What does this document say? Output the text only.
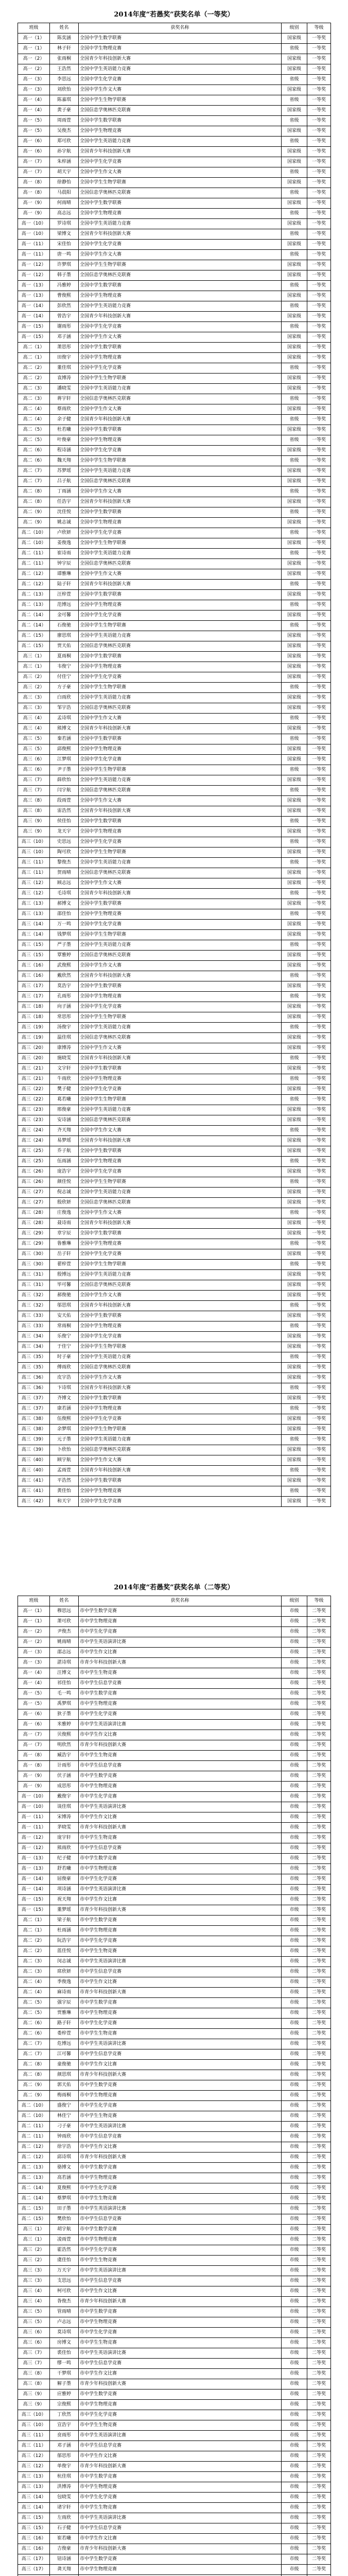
2014年度“若愚奖”获奖名单（一等奖）
班级	姓名	获奖名称	级别	等级
高一（1）	陈奕涵	全国中学生数学联赛	国家级	一等奖
高一（1）	林子轩	全国中学生物理竞赛	省级	一等奖
高一（2）	张雨桐	全国青少年科技创新大赛	国家级	一等奖
高一（2）	王浩然	全国中学生英语能力竞赛	国家级	一等奖
高一（3）	李思远	全国中学生化学竞赛	省级	一等奖
高一（3）	刘欣怡	全国中学生作文大赛	国家级	一等奖
高一（4）	陈嘉琪	全国中学生生物学联赛	省级	一等奖
高一（4）	黄子豪	全国信息学奥林匹克联赛	国家级	一等奖
高一（5）	周雨萱	全国中学生数学联赛	省级	一等奖
高一（5）	吴俊杰	全国中学生物理竞赛	国家级	一等奖
高一（6）	郑可欣	全国中学生英语能力竞赛	省级	一等奖
高一（6）	孙宇航	全国青少年科技创新大赛	国家级	一等奖
高一（7）	朱梓涵	全国中学生化学竞赛	国家级	一等奖
高一（7）	胡天宇	全国中学生作文大赛	省级	一等奖
高一（8）	徐静怡	全国中学生生物学联赛	国家级	一等奖
高一（8）	马晨阳	全国信息学奥林匹克联赛	省级	一等奖
高一（9）	何雨晴	全国中学生数学联赛	国家级	一等奖
高一（9）	高志远	全国中学生物理竞赛	省级	一等奖
高一（10）	罗诗琪	全国中学生英语能力竞赛	国家级	一等奖
高一（10）	梁博文	全国青少年科技创新大赛	省级	一等奖
高一（11）	宋佳怡	全国中学生化学竞赛	国家级	一等奖
高一（11）	唐一鸣	全国中学生作文大赛	省级	一等奖
高一（12）	许梦琪	全国中学生生物学联赛	国家级	一等奖
高一（12）	韩子墨	全国信息学奥林匹克联赛	国家级	一等奖
高一（13）	冯雅婷	全国中学生数学联赛	省级	一等奖
高一（13）	曹俊熙	全国中学生物理竞赛	国家级	一等奖
高一（14）	彭欣然	全国中学生英语能力竞赛	省级	一等奖
高一（14）	曾浩宇	全国青少年科技创新大赛	国家级	一等奖
高一（15）	谢雨彤	全国中学生化学竞赛	省级	一等奖
高一（15）	邓子涵	全国中学生作文大赛	国家级	一等奖
高二（1）	萧思彤	全国中学生数学联赛	国家级	一等奖
高二（1）	田俊宇	全国中学生物理竞赛	国家级	一等奖
高二（2）	董佳琪	全国中学生化学竞赛	省级	一等奖
高二（2）	袁博涛	全国中学生生物学联赛	国家级	一等奖
高二（3）	潘晓雯	全国中学生英语能力竞赛	国家级	一等奖
高二（3）	蒋宇轩	全国信息学奥林匹克联赛	省级	一等奖
高二（4）	蔡雨欣	全国中学生作文大赛	国家级	一等奖
高二（4）	余子健	全国青少年科技创新大赛	省级	一等奖
高二（5）	杜若曦	全国中学生数学联赛	国家级	一等奖
高二（5）	叶俊豪	全国中学生物理竞赛	省级	一等奖
高二（6）	程诗涵	全国中学生化学竞赛	国家级	一等奖
高二（6）	魏天翔	全国中学生生物学联赛	省级	一等奖
高二（7）	苏梦瑶	全国中学生英语能力竞赛	国家级	一等奖
高二（7）	吕子航	全国信息学奥林匹克联赛	国家级	一等奖
高二（8）	丁雨涵	全国中学生作文大赛	省级	一等奖
高二（8）	任浩宇	全国青少年科技创新大赛	国家级	一等奖
高二（9）	沈佳悦	全国中学生数学联赛	省级	一等奖
高二（9）	姚志诚	全国中学生物理竞赛	国家级	一等奖
高二（10）	卢欣妍	全国中学生化学竞赛	省级	一等奖
高二（10）	姜俊逸	全国中学生生物学联赛	国家级	一等奖
高二（11）	崔诗雨	全国中学生英语能力竞赛	省级	一等奖
高二（11）	钟宇辰	全国信息学奥林匹克联赛	国家级	一等奖
高二（12）	谭雅琳	全国中学生作文大赛	国家级	一等奖
高二（12）	陆子轩	全国青少年科技创新大赛	省级	一等奖
高二（13）	汪梓萱	全国中学生数学联赛	国家级	一等奖
高二（13）	范博远	全国中学生物理竞赛	省级	一等奖
高二（14）	金可馨	全国中学生化学竞赛	国家级	一等奖
高二（14）	石俊驰	全国中学生生物学联赛	省级	一等奖
高二（15）	廖思琪	全国中学生英语能力竞赛	国家级	一等奖
高二（15）	贾天佑	全国信息学奥林匹克联赛	国家级	一等奖
高三（1）	夏雨桐	全国中学生数学联赛	国家级	一等奖
高三（1）	韦俊宁	全国中学生物理竞赛	国家级	一等奖
高三（2）	付佳宁	全国中学生化学竞赛	国家级	一等奖
高三（2）	方子豪	全国中学生生物学联赛	省级	一等奖
高三（3）	白雨欣	全国中学生英语能力竞赛	国家级	一等奖
高三（3）	邹宇浩	全国信息学奥林匹克联赛	国家级	一等奖
高三（4）	孟诗琪	全国中学生作文大赛	省级	一等奖
高三（4）	熊博文	全国青少年科技创新大赛	国家级	一等奖
高三（5）	秦若涵	全国中学生数学联赛	省级	一等奖
高三（5）	邱俊熙	全国中学生物理竞赛	国家级	一等奖
高三（6）	江梦琪	全国中学生化学竞赛	国家级	一等奖
高三（6）	尹子墨	全国中学生生物学联赛	省级	一等奖
高三（7）	薛欣怡	全国中学生英语能力竞赛	国家级	一等奖
高三（7）	闫宇航	全国信息学奥林匹克联赛	省级	一等奖
高三（8）	段雨萱	全国中学生作文大赛	国家级	一等奖
高三（8）	雷浩然	全国青少年科技创新大赛	国家级	一等奖
高三（9）	侯佳怡	全国中学生数学联赛	省级	一等奖
高三（9）	龙天宇	全国中学生物理竞赛	国家级	一等奖
高三（10）	史思远	全国中学生化学竞赛	省级	一等奖
高三（10）	陶可欣	全国中学生生物学联赛	国家级	一等奖
高三（11）	黎俊杰	全国中学生英语能力竞赛	省级	一等奖
高三（11）	贺雨晴	全国信息学奥林匹克联赛	国家级	一等奖
高三（12）	顾志远	全国中学生作文大赛	国家级	一等奖
高三（12）	毛诗琪	全国青少年科技创新大赛	省级	一等奖
高三（13）	郝博文	全国中学生数学联赛	国家级	一等奖
高三（13）	邵佳怡	全国中学生物理竞赛	省级	一等奖
高三（14）	万一鸣	全国中学生化学竞赛	国家级	一等奖
高三（14）	钱梦琪	全国中学生生物学联赛	国家级	一等奖
高三（15）	严子墨	全国中学生英语能力竞赛	省级	一等奖
高三（15）	覃雅婷	全国信息学奥林匹克联赛	国家级	一等奖
高三（16）	武俊熙	全国中学生作文大赛	国家级	一等奖
高三（16）	戴欣然	全国青少年科技创新大赛	省级	一等奖
高三（17）	莫浩宇	全国中学生数学联赛	国家级	一等奖
高三（17）	孔雨彤	全国中学生物理竞赛	省级	一等奖
高三（18）	向子涵	全国中学生化学竞赛	国家级	一等奖
高三（18）	常思彤	全国中学生生物学联赛	国家级	一等奖
高三（19）	汤俊宇	全国中学生英语能力竞赛	省级	一等奖
高三（19）	温佳琪	全国信息学奥林匹克联赛	国家级	一等奖
高三（20）	康博涛	全国中学生作文大赛	国家级	一等奖
高三（20）	施晓雯	全国青少年科技创新大赛	省级	一等奖
高三（21）	文宇轩	全国中学生数学联赛	国家级	一等奖
高三（21）	牛雨欣	全国中学生物理竞赛	省级	一等奖
高三（22）	樊子健	全国中学生化学竞赛	国家级	一等奖
高三（22）	葛若曦	全国中学生生物学联赛	省级	一等奖
高三（23）	邢俊豪	全国中学生英语能力竞赛	国家级	一等奖
高三（23）	安诗涵	全国信息学奥林匹克联赛	国家级	一等奖
高三（24）	齐天翔	全国中学生作文大赛	省级	一等奖
高三（24）	易梦瑶	全国青少年科技创新大赛	国家级	一等奖
高三（25）	乔子航	全国中学生数学联赛	国家级	一等奖
高三（25）	伍雨涵	全国中学生物理竞赛	省级	一等奖
高三（26）	庞浩宇	全国中学生化学竞赛	国家级	一等奖
高三（26）	颜佳悦	全国中学生生物学联赛	省级	一等奖
高三（27）	倪志诚	全国中学生英语能力竞赛	国家级	一等奖
高三（27）	殷欣妍	全国信息学奥林匹克联赛	国家级	一等奖
高三（28）	庄俊逸	全国中学生作文大赛	省级	一等奖
高三（28）	聂诗雨	全国青少年科技创新大赛	国家级	一等奖
高三（29）	章宇辰	全国中学生数学联赛	国家级	一等奖
高三（29）	鲁雅琳	全国中学生物理竞赛	省级	一等奖
高三（30）	岳子轩	全国中学生化学竞赛	国家级	一等奖
高三（30）	翟梓萱	全国中学生生物学联赛	省级	一等奖
高三（31）	殷博远	全国中学生英语能力竞赛	国家级	一等奖
高三（31）	毕可馨	全国信息学奥林匹克联赛	国家级	一等奖
高三（32）	郝俊驰	全国中学生作文大赛	国家级	一等奖
高三（32）	邬思琪	全国青少年科技创新大赛	省级	一等奖
高三（33）	安天佑	全国中学生数学联赛	国家级	一等奖
高三（33）	常雨桐	全国中学生物理竞赛	省级	一等奖
高三（34）	乐俊宁	全国中学生化学竞赛	国家级	一等奖
高三（34）	于佳宁	全国中学生生物学联赛	国家级	一等奖
高三（35）	时子豪	全国中学生英语能力竞赛	省级	一等奖
高三（35）	傅雨欣	全国信息学奥林匹克联赛	国家级	一等奖
高三（36）	皮宇浩	全国中学生作文大赛	国家级	一等奖
高三（36）	卞诗琪	全国青少年科技创新大赛	省级	一等奖
高三（37）	齐博文	全国中学生数学联赛	国家级	一等奖
高三（37）	康若涵	全国中学生物理竞赛	省级	一等奖
高三（38）	伍俊熙	全国中学生化学竞赛	国家级	一等奖
高三（38）	余梦琪	全国中学生生物学联赛	国家级	一等奖
高三（39）	元子墨	全国中学生英语能力竞赛	省级	一等奖
高三（39）	卜欣怡	全国信息学奥林匹克联赛	国家级	一等奖
高三（40）	顾宇航	全国中学生作文大赛	国家级	一等奖
高三（40）	孟雨萱	全国青少年科技创新大赛	省级	一等奖
高三（41）	平浩然	全国中学生数学联赛	国家级	一等奖
高三（41）	黄佳怡	全国中学生物理竞赛	省级	一等奖
高三（42）	和天宇	全国中学生化学竞赛	国家级	一等奖
2014年度“若愚奖”获奖名单（二等奖）
班级	姓名	获奖名称	级别	等级
高一（1）	穆思远	市中学生数学竞赛	市级	二等奖
高一（1）	萧可欣	市中学生物理竞赛	市级	二等奖
高一（2）	尹俊杰	市中学生化学竞赛	市级	二等奖
高一（2）	姚雨晴	市中学生英语演讲比赛	市级	二等奖
高一（3）	邵志远	市中学生作文比赛	市级	二等奖
高一（3）	湛诗琪	市青少年科技创新大赛	市级	二等奖
高一（4）	汪博文	市中学生生物竞赛	市级	二等奖
高一（4）	祁佳怡	市中学生信息学竞赛	市级	二等奖
高一（5）	毛一鸣	市中学生数学竞赛	市级	二等奖
高一（5）	禹梦琪	市中学生物理竞赛	市级	二等奖
高一（6）	狄子墨	市中学生化学竞赛	市级	二等奖
高一（6）	米雅婷	市中学生英语演讲比赛	市级	二等奖
高一（7）	贝俊熙	市中学生作文比赛	市级	二等奖
高一（7）	明欣然	市青少年科技创新大赛	市级	二等奖
高一（8）	臧浩宇	市中学生生物竞赛	市级	二等奖
高一（8）	计雨彤	市中学生信息学竞赛	市级	二等奖
高一（9）	伏子涵	市中学生数学竞赛	市级	二等奖
高一（9）	成思彤	市中学生物理竞赛	市级	二等奖
高一（10）	戴俊宇	市中学生化学竞赛	市级	二等奖
高一（10）	谈佳琪	市中学生英语演讲比赛	市级	二等奖
高一（11）	宋博涛	市中学生作文比赛	市级	二等奖
高一（11）	茅晓雯	市青少年科技创新大赛	市级	二等奖
高一（12）	庞宇轩	市中学生生物竞赛	市级	二等奖
高一（12）	熊雨欣	市中学生信息学竞赛	市级	二等奖
高一（13）	纪子健	市中学生数学竞赛	市级	二等奖
高一（13）	舒若曦	市中学生物理竞赛	市级	二等奖
高一（14）	屈俊豪	市中学生化学竞赛	市级	二等奖
高一（14）	项诗涵	市中学生英语演讲比赛	市级	二等奖
高一（15）	祝天翔	市中学生作文比赛	市级	二等奖
高一（15）	董梦瑶	市青少年科技创新大赛	市级	二等奖
高二（1）	梁子航	市中学生数学竞赛	市级	二等奖
高二（1）	杜雨涵	市中学生物理竞赛	市级	二等奖
高二（2）	阮浩宇	市中学生化学竞赛	市级	二等奖
高二（2）	蓝佳悦	市中学生生物竞赛	市级	二等奖
高二（3）	闵志诚	市中学生英语演讲比赛	市级	二等奖
高二（3）	席欣妍	市中学生信息学竞赛	市级	二等奖
高二（4）	季俊逸	市中学生作文比赛	市级	二等奖
高二（4）	麻诗雨	市青少年科技创新大赛	市级	二等奖
高二（5）	强宇辰	市中学生数学竞赛	市级	二等奖
高二（5）	贾雅琳	市中学生物理竞赛	市级	二等奖
高二（6）	路子轩	市中学生化学竞赛	市级	二等奖
高二（6）	娄梓萱	市中学生生物竞赛	市级	二等奖
高二（7）	危博远	市中学生英语演讲比赛	市级	二等奖
高二（7）	江可馨	市中学生信息学竞赛	市级	二等奖
高二（8）	童俊驰	市中学生作文比赛	市级	二等奖
高二（8）	颜思琪	市青少年科技创新大赛	市级	二等奖
高二（9）	郭天佑	市中学生数学竞赛	市级	二等奖
高二（9）	梅雨桐	市中学生物理竞赛	市级	二等奖
高二（10）	盛俊宁	市中学生化学竞赛	市级	二等奖
高二（10）	林佳宁	市中学生生物竞赛	市级	二等奖
高二（11）	刁子豪	市中学生英语演讲比赛	市级	二等奖
高二（11）	钟雨欣	市中学生信息学竞赛	市级	二等奖
高二（12）	徐宇浩	市中学生作文比赛	市级	二等奖
高二（12）	邱诗琪	市青少年科技创新大赛	市级	二等奖
高二（13）	骆博文	市中学生数学竞赛	市级	二等奖
高二（13）	高若涵	市中学生物理竞赛	市级	二等奖
高二（14）	夏俊熙	市中学生化学竞赛	市级	二等奖
高二（14）	蔡梦琪	市中学生生物竞赛	市级	二等奖
高二（15）	田子墨	市中学生英语演讲比赛	市级	二等奖
高二（15）	樊欣怡	市中学生信息学竞赛	市级	二等奖
高三（1）	胡宇航	市中学生数学竞赛	市级	二等奖
高三（1）	凌雨萱	市中学生物理竞赛	市级	二等奖
高三（2）	霍浩然	市中学生化学竞赛	市级	二等奖
高三（2）	虞佳怡	市中学生生物竞赛	市级	二等奖
高三（3）	万天宇	市中学生英语演讲比赛	市级	二等奖
高三（3）	支思远	市中学生信息学竞赛	市级	二等奖
高三（4）	柯可欣	市中学生作文比赛	市级	二等奖
高三（4）	昝俊杰	市青少年科技创新大赛	市级	二等奖
高三（5）	管雨晴	市中学生数学竞赛	市级	二等奖
高三（5）	卢志远	市中学生物理竞赛	市级	二等奖
高三（6）	莫诗琪	市中学生化学竞赛	市级	二等奖
高三（6）	房博文	市中学生生物竞赛	市级	二等奖
高三（7）	裘佳怡	市中学生英语演讲比赛	市级	二等奖
高三（7）	缪一鸣	市中学生信息学竞赛	市级	二等奖
高三（8）	干梦琪	市中学生作文比赛	市级	二等奖
高三（8）	解子墨	市青少年科技创新大赛	市级	二等奖
高三（9）	应雅婷	市中学生数学竞赛	市级	二等奖
高三（9）	宗俊熙	市中学生物理竞赛	市级	二等奖
高三（10）	丁欣然	市中学生化学竞赛	市级	二等奖
高三（10）	宣浩宇	市中学生生物竞赛	市级	二等奖
高三（11）	贲雨彤	市中学生英语演讲比赛	市级	二等奖
高三（11）	邓子涵	市中学生信息学竞赛	市级	二等奖
高三（12）	郁思彤	市中学生作文比赛	市级	二等奖
高三（12）	单俊宇	市青少年科技创新大赛	市级	二等奖
高三（13）	杭佳琪	市中学生数学竞赛	市级	二等奖
高三（13）	洪博涛	市中学生物理竞赛	市级	二等奖
高三（14）	包晓雯	市中学生化学竞赛	市级	二等奖
高三（14）	诸宇轩	市中学生生物竞赛	市级	二等奖
高三（15）	左雨欣	市中学生英语演讲比赛	市级	二等奖
高三（15）	石子健	市中学生信息学竞赛	市级	二等奖
高三（16）	崔若曦	市中学生作文比赛	市级	二等奖
高三（16）	吉俊豪	市青少年科技创新大赛	市级	二等奖
高三（17）	钮诗涵	市中学生数学竞赛	市级	二等奖
高三（17）	龚天翔	市中学生物理竞赛	市级	二等奖
